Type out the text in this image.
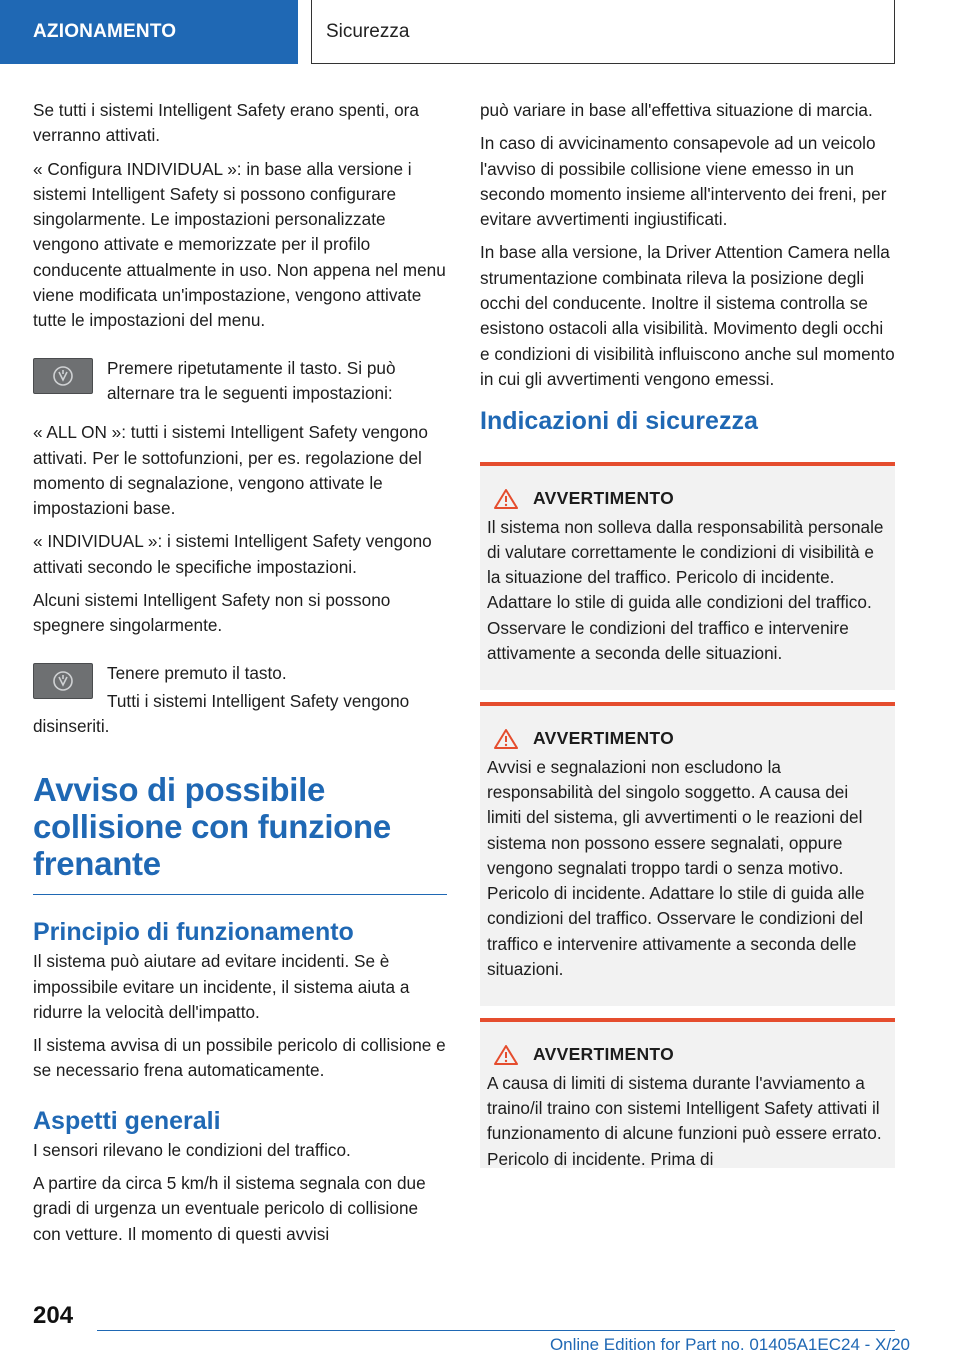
AZIONAMENTO	Sicurezza

Se tutti i sistemi Intelligent Safety erano spenti, ora verranno attivati.

« Configura INDIVIDUAL »: in base alla versione i sistemi Intelligent Safety si possono configurare singolarmente. Le impostazioni personalizzate vengono attivate e memorizzate per il profilo conducente attualmente in uso. Non appena nel menu viene modificata un'impostazione, vengono attivate tutte le impostazioni del menu.

Premere ripetutamente il tasto. Si può alternare tra le seguenti impostazioni:

« ALL ON »: tutti i sistemi Intelligent Safety vengono attivati. Per le sottofunzioni, per es. regolazione del momento di segnalazione, vengono attivate le impostazioni base.

« INDIVIDUAL »: i sistemi Intelligent Safety vengono attivati secondo le specifiche impostazioni.

Alcuni sistemi Intelligent Safety non si possono spegnere singolarmente.

Tenere premuto il tasto.

Tutti i sistemi Intelligent Safety vengono disinseriti.

Avviso di possibile collisione con funzione frenante
Principio di funzionamento

Il sistema può aiutare ad evitare incidenti. Se è impossibile evitare un incidente, il sistema aiuta a ridurre la velocità dell'impatto.

Il sistema avvisa di un possibile pericolo di collisione e se necessario frena automaticamente.

Aspetti generali

I sensori rilevano le condizioni del traffico.

A partire da circa 5 km/h il sistema segnala con due gradi di urgenza un eventuale pericolo di collisione con vetture. Il momento di questi avvisi

può variare in base all'effettiva situazione di marcia.

In caso di avvicinamento consapevole ad un veicolo l'avviso di possibile collisione viene emesso in un secondo momento insieme all'intervento dei freni, per evitare avvertimenti ingiustificati.

In base alla versione, la Driver Attention Camera nella strumentazione combinata rileva la posizione degli occhi del conducente. Inoltre il sistema controlla se esistono ostacoli alla visibilità. Movimento degli occhi e condizioni di visibilità influiscono anche sul momento in cui gli avvertimenti vengono emessi.

Indicazioni di sicurezza
AVVERTIMENTO

Il sistema non solleva dalla responsabilità personale di valutare correttamente le condizioni di visibilità e la situazione del traffico. Pericolo di incidente. Adattare lo stile di guida alle condizioni del traffico. Osservare le condizioni del traffico e intervenire attivamente a seconda delle situazioni.

AVVERTIMENTO

Avvisi e segnalazioni non escludono la responsabilità del singolo soggetto. A causa dei limiti del sistema, gli avvertimenti o le reazioni del sistema non possono essere segnalati, oppure vengono segnalati troppo tardi o senza motivo. Pericolo di incidente. Adattare lo stile di guida alle condizioni del traffico. Osservare le condizioni del traffico e intervenire attivamente a seconda delle situazioni.

AVVERTIMENTO

A causa di limiti di sistema durante l'avviamento a traino/il traino con sistemi Intelligent Safety attivati il funzionamento di alcune funzioni può essere errato. Pericolo di incidente. Prima di

204
Online Edition for Part no. 01405A1EC24 - X/20
